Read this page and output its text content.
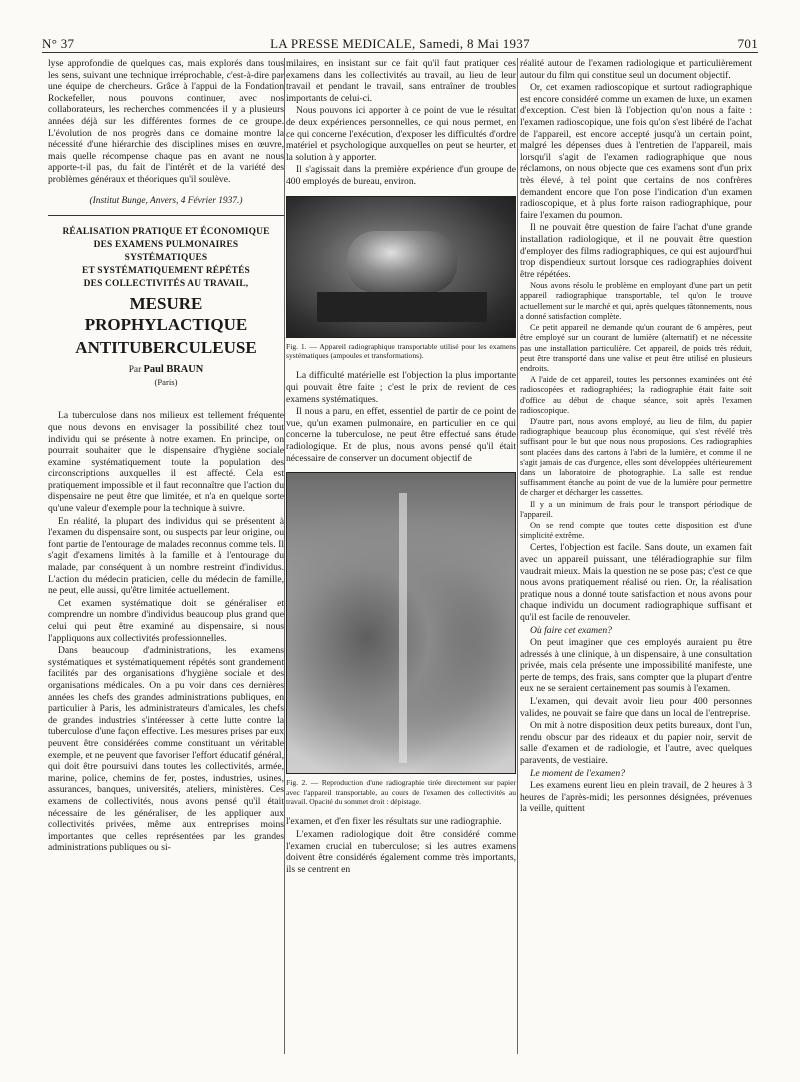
N° 37	LA PRESSE MEDICALE, Samedi, 8 Mai 1937	701

lyse approfondie de quelques cas, mais explorés dans tous les sens, suivant une technique irréprochable, c'est-à-dire par une équipe de chercheurs. Grâce à l'appui de la Fondation Rockefeller, nous pouvons continuer, avec nos collaborateurs, les recherches commencées il y a plusieurs années déjà sur les différentes formes de ce groupe. L'évolution de nos progrès dans ce domaine montre la nécessité d'une hiérarchie des disciplines mises en œuvre, mais quelle récompense chaque pas en avant ne nous apporte-t-il pas, du fait de l'intérêt et de la variété des problèmes généraux et théoriques qu'il soulève.

(Institut Bunge, Anvers, 4 Février 1937.)
RÉALISATION PRATIQUE ET ÉCONOMIQUE
DES EXAMENS PULMONAIRES
SYSTÉMATIQUES
ET SYSTÉMATIQUEMENT RÉPÉTÉS
DES COLLECTIVITÉS AU TRAVAIL,
MESURE PROPHYLACTIQUE
ANTITUBERCULEUSE
Par Paul BRAUN
(Paris)

La tuberculose dans nos milieux est tellement fréquente que nous devons en envisager la possibilité chez tout individu qui se présente à notre examen. En principe, on pourrait souhaiter que le dispensaire d'hygiène sociale examine systématiquement toute la population des circonscriptions auxquelles il est affecté. Cela est pratiquement impossible et il faut reconnaître que l'action du dispensaire ne peut être que limitée, et n'a en quelque sorte qu'une valeur d'exemple pour la technique à suivre.

En réalité, la plupart des individus qui se présentent à l'examen du dispensaire sont, ou suspects par leur origine, ou font partie de l'entourage de malades reconnus comme tels. Il s'agit d'examens limités à la famille et à l'entourage du malade, par conséquent à un nombre restreint d'individus. L'action du médecin praticien, celle du médecin de famille, ne peut, elle aussi, qu'être limitée actuellement.

Cet examen systématique doit se généraliser et comprendre un nombre d'individus beaucoup plus grand que celui qui peut être examiné au dispensaire, si nous l'appliquons aux collectivités professionnelles.

Dans beaucoup d'administrations, les examens systématiques et systématiquement répétés sont grandement facilités par des organisations d'hygiène sociale et des organisations médicales. On a pu voir dans ces dernières années les chefs des grandes administrations publiques, en particulier à Paris, les administrateurs d'amicales, les chefs de grandes industries s'intéresser à cette lutte contre la tuberculose d'une façon effective. Les mesures prises par eux peuvent être considérées comme constituant un véritable exemple, et ne peuvent que favoriser l'effort éducatif général, qui doit être poursuivi dans toutes les collectivités, armée, marine, police, chemins de fer, postes, industries, usines, assurances, banques, universités, ateliers, ministères. Ces examens de collectivités, nous avons pensé qu'il était nécessaire de les généraliser, de les appliquer aux collectivités privées, même aux entreprises moins importantes que celles représentées par les grandes administrations publiques ou si-

milaires, en insistant sur ce fait qu'il faut pratiquer ces examens dans les collectivités au travail, au lieu de leur travail et pendant le travail, sans entraîner de troubles importants de celui-ci.

Nous pouvons ici apporter à ce point de vue le résultat de deux expériences personnelles, ce qui nous permet, en ce qui concerne l'exécution, d'exposer les difficultés d'ordre matériel et psychologique auxquelles on peut se heurter, et la solution à y apporter.

Il s'agissait dans la première expérience d'un groupe de 400 employés de bureau, environ.

Fig. 1. — Appareil radiographique transportable utilisé pour les examens systématiques (ampoules et transformations).

La difficulté matérielle est l'objection la plus importante qui pouvait être faite ; c'est le prix de revient de ces examens systématiques.

Il nous a paru, en effet, essentiel de partir de ce point de vue, qu'un examen pulmonaire, en particulier en ce qui concerne la tuberculose, ne peut être effectué sans étude radiologique. Et de plus, nous avons pensé qu'il était nécessaire de conserver un document objectif de

Fig. 2. — Reproduction d'une radiographie tirée directement sur papier avec l'appareil transportable, au cours de l'examen des collectivités au travail. Opacité du sommet droit : dépistage.

l'examen, et d'en fixer les résultats sur une radiographie.

L'examen radiologique doit être considéré comme l'examen crucial en tuberculose; si les autres examens doivent être considérés également comme très importants, ils se centrent en

réalité autour de l'examen radiologique et particulièrement autour du film qui constitue seul un document objectif.

Or, cet examen radioscopique et surtout radiographique est encore considéré comme un examen de luxe, un examen d'exception. C'est bien là l'objection qu'on nous a faite : l'examen radioscopique, une fois qu'on s'est libéré de l'achat de l'appareil, est encore accepté jusqu'à un certain point, malgré les dépenses dues à l'entretien de l'appareil, mais lorsqu'il s'agit de l'examen radiographique que nous réclamons, on nous objecte que ces examens sont d'un prix très élevé, à tel point que certains de nos confrères demandent encore que l'on pose l'indication d'un examen radioscopique, et à plus forte raison radiographique, pour faire l'examen du poumon.

Il ne pouvait être question de faire l'achat d'une grande installation radiologique, et il ne pouvait être question d'employer des films radiographiques, ce qui est aujourd'hui trop dispendieux surtout lorsque ces radiographies doivent être répétées.

Nous avons résolu le problème en employant d'une part un petit appareil radiographique transportable, tel qu'on le trouve actuellement sur le marché et qui, après quelques tâtonnements, nous a donné satisfaction complète.

Ce petit appareil ne demande qu'un courant de 6 ampères, peut être employé sur un courant de lumière (alternatif) et ne nécessite pas une installation particulière. Cet appareil, de poids très réduit, peut être transporté dans une valise et peut être utilisé en plusieurs endroits.

A l'aide de cet appareil, toutes les personnes examinées ont été radioscopées et radiographiées; la radiographie était faite soit d'office au début de chaque séance, soit après l'examen radioscopique.

D'autre part, nous avons employé, au lieu de film, du papier radiographique beaucoup plus économique, qui s'est révélé très suffisant pour le but que nous nous proposions. Ces radiographies sont placées dans des cartons à l'abri de la lumière, et comme il ne s'agit jamais de cas d'urgence, elles sont développées ultérieurement dans un laboratoire de photographie. La salle est rendue suffisamment étanche au point de vue de la lumière pour permettre de charger et décharger les cassettes.

Il y a un minimum de frais pour le transport périodique de l'appareil.

On se rend compte que toutes cette disposition est d'une simplicité extrême.

Certes, l'objection est facile. Sans doute, un examen fait avec un appareil puissant, une téléradiographie sur film vaudrait mieux. Mais la question ne se pose pas; c'est ce que nous avons pratiquement réalisé ou rien. Or, la réalisation pratique nous a donné toute satisfaction et nous avons pour chaque individu un document radiographique suffisant et qu'il est facile de renouveler.

Où faire cet examen?

On peut imaginer que ces employés auraient pu être adressés à une clinique, à un dispensaire, à une consultation privée, mais cela présente une impossibilité manifeste, une perte de temps, des frais, sans compter que la plupart d'entre eux ne se seraient certainement pas soumis à l'examen.

L'examen, qui devait avoir lieu pour 400 personnes valides, ne pouvait se faire que dans un local de l'entreprise.

On mit à notre disposition deux petits bureaux, dont l'un, rendu obscur par des rideaux et du papier noir, servit de salle d'examen et de radiologie, et l'autre, avec quelques paravents, de vestiaire.

Le moment de l'examen?

Les examens eurent lieu en plein travail, de 2 heures à 3 heures de l'après-midi; les personnes désignées, prévenues la veille, quittent
